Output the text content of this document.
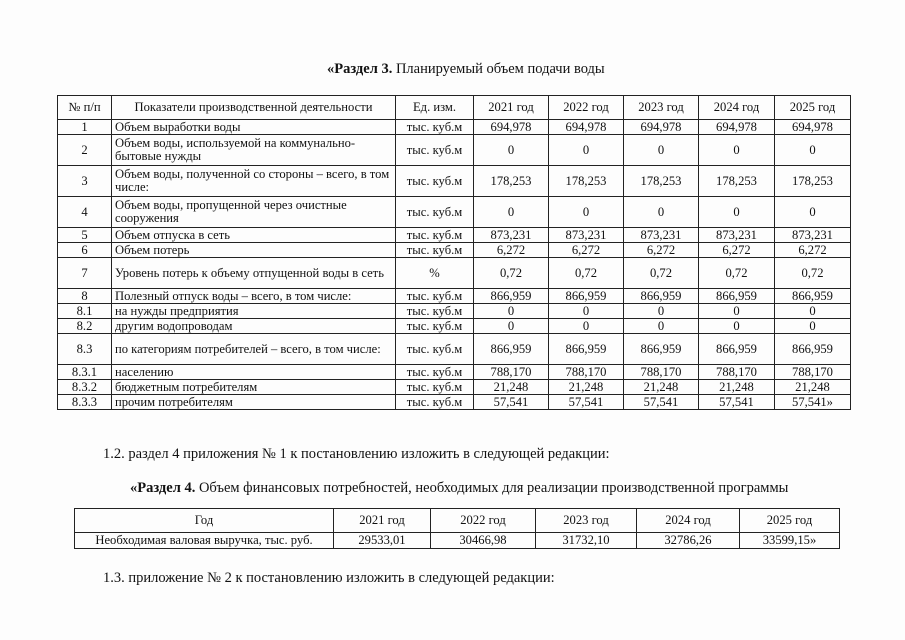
«Раздел 3. Планируемый объем подачи воды
№ п/п	Показатели производственной деятельности	Ед. изм.	2021 год	2022 год	2023 год	2024 год	2025 год
1	Объем выработки воды	тыс. куб.м	694,978	694,978	694,978	694,978	694,978
2	Объем воды, используемой на коммунально-бытовые нужды	тыс. куб.м	0	0	0	0	0
3	Объем воды, полученной со стороны – всего, в том числе:	тыс. куб.м	178,253	178,253	178,253	178,253	178,253
4	Объем воды, пропущенной через очистные сооружения	тыс. куб.м	0	0	0	0	0
5	Объем отпуска в сеть	тыс. куб.м	873,231	873,231	873,231	873,231	873,231
6	Объем потерь	тыс. куб.м	6,272	6,272	6,272	6,272	6,272
7	Уровень потерь к объему отпущенной воды в сеть	%	0,72	0,72	0,72	0,72	0,72
8	Полезный отпуск воды – всего, в том числе:	тыс. куб.м	866,959	866,959	866,959	866,959	866,959
8.1	на нужды предприятия	тыс. куб.м	0	0	0	0	0
8.2	другим водопроводам	тыс. куб.м	0	0	0	0	0
8.3	по категориям потребителей – всего, в том числе:	тыс. куб.м	866,959	866,959	866,959	866,959	866,959
8.3.1	населению	тыс. куб.м	788,170	788,170	788,170	788,170	788,170
8.3.2	бюджетным потребителям	тыс. куб.м	21,248	21,248	21,248	21,248	21,248
8.3.3	прочим потребителям	тыс. куб.м	57,541	57,541	57,541	57,541	57,541»
1.2. раздел 4 приложения № 1 к постановлению изложить в следующей редакции:
«Раздел 4. Объем финансовых потребностей, необходимых для реализации производственной программы
Год	2021 год	2022 год	2023 год	2024 год	2025 год
Необходимая валовая выручка, тыс. руб.	29533,01	30466,98	31732,10	32786,26	33599,15»
1.3. приложение № 2 к постановлению изложить в следующей редакции:
